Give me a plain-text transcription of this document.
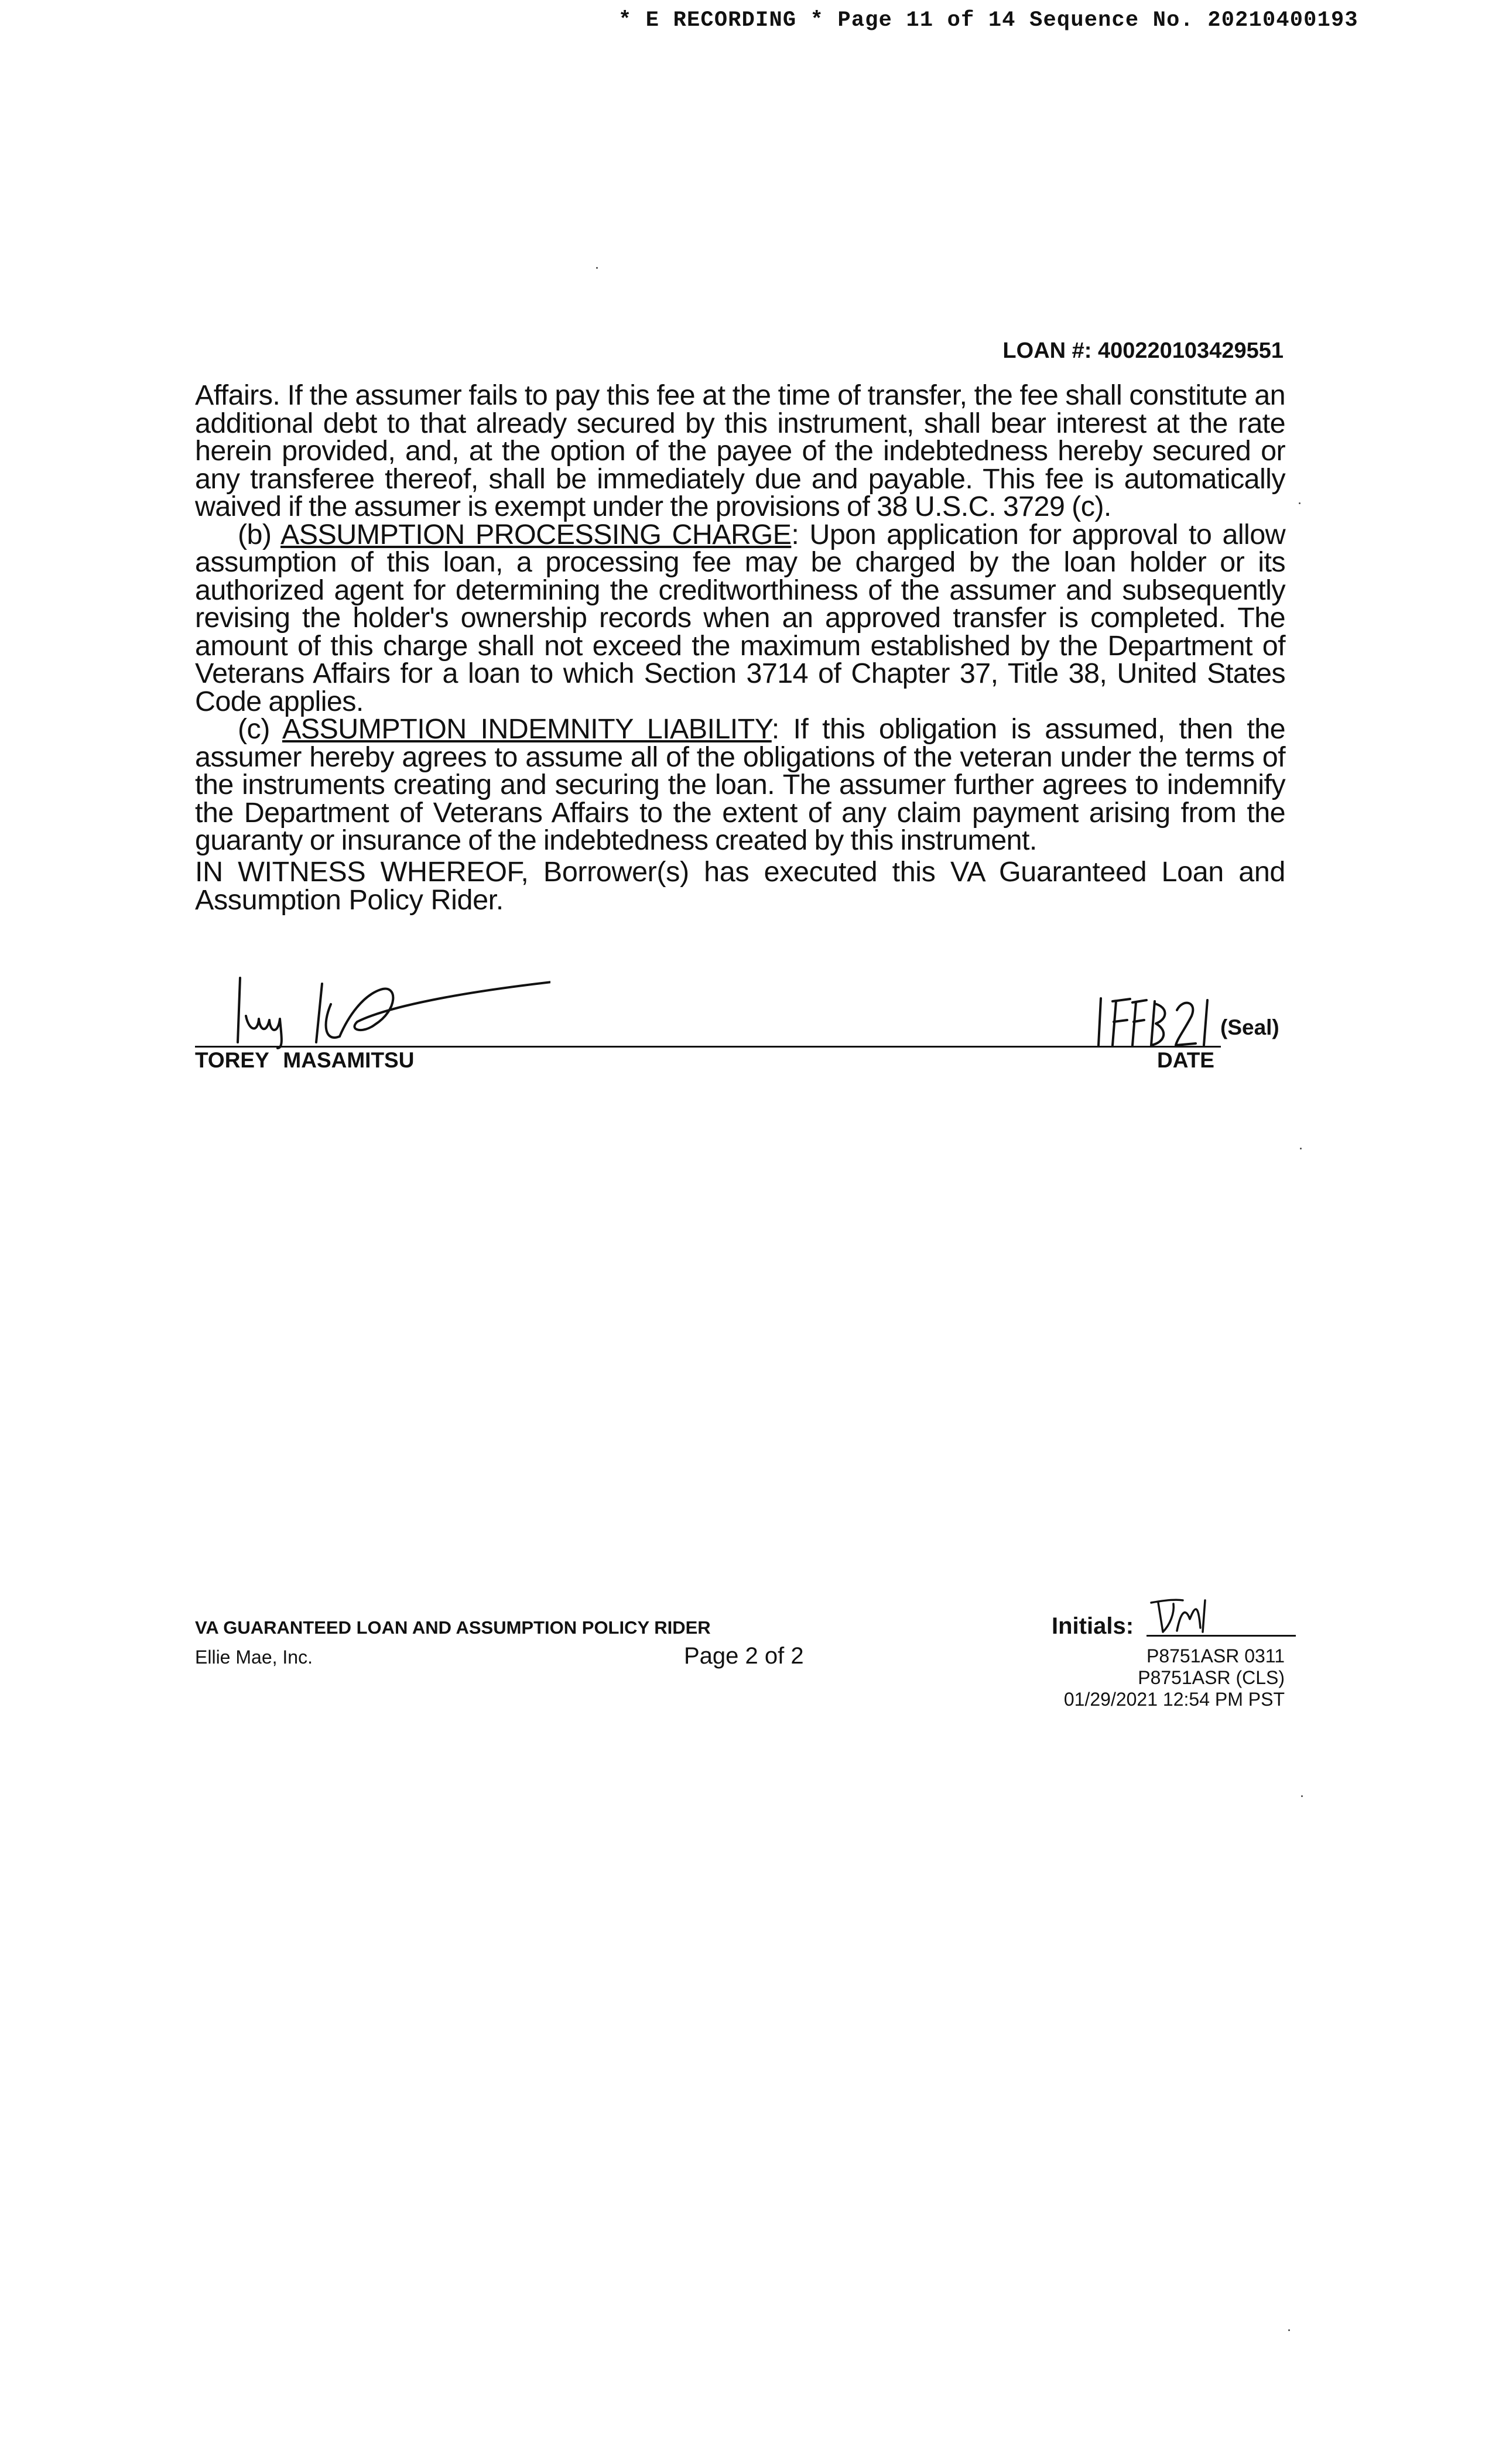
* E RECORDING * Page 11 of 14 Sequence No. 20210400193
LOAN #: 400220103429551

Affairs. If the assumer fails to pay this fee at the time of transfer, the fee shall constitute an additional debt to that already secured by this instrument, shall bear interest at the rate herein provided, and, at the option of the payee of the indebtedness hereby secured or any transferee thereof, shall be immediately due and payable. This fee is automatically waived if the assumer is exempt under the provisions of 38 U.S.C. 3729 (c).

(b) ASSUMPTION PROCESSING CHARGE: Upon application for approval to allow assumption of this loan, a processing fee may be charged by the loan holder or its authorized agent for determining the creditworthiness of the assumer and subsequently revising the holder's ownership records when an approved transfer is completed. The amount of this charge shall not exceed the maximum established by the Department of Veterans Affairs for a loan to which Section 3714 of Chapter 37, Title 38, United States Code applies.

(c) ASSUMPTION INDEMNITY LIABILITY: If this obligation is assumed, then the assumer hereby agrees to assume all of the obligations of the veteran under the terms of the instruments creating and securing the loan. The assumer further agrees to indemnify the Department of Veterans Affairs to the extent of any claim payment arising from the guaranty or insurance of the indebtedness created by this instrument.

IN WITNESS WHEREOF, Borrower(s) has executed this VA Guaranteed Loan and Assumption Policy Rider.
(Seal)
TOREY MASAMITSU	DATE
VA GUARANTEED LOAN AND ASSUMPTION POLICY RIDER
Ellie Mae, Inc.	Page 2 of 2
Initials:
P8751ASR 0311
P8751ASR (CLS)
01/29/2021 12:54 PM PST
